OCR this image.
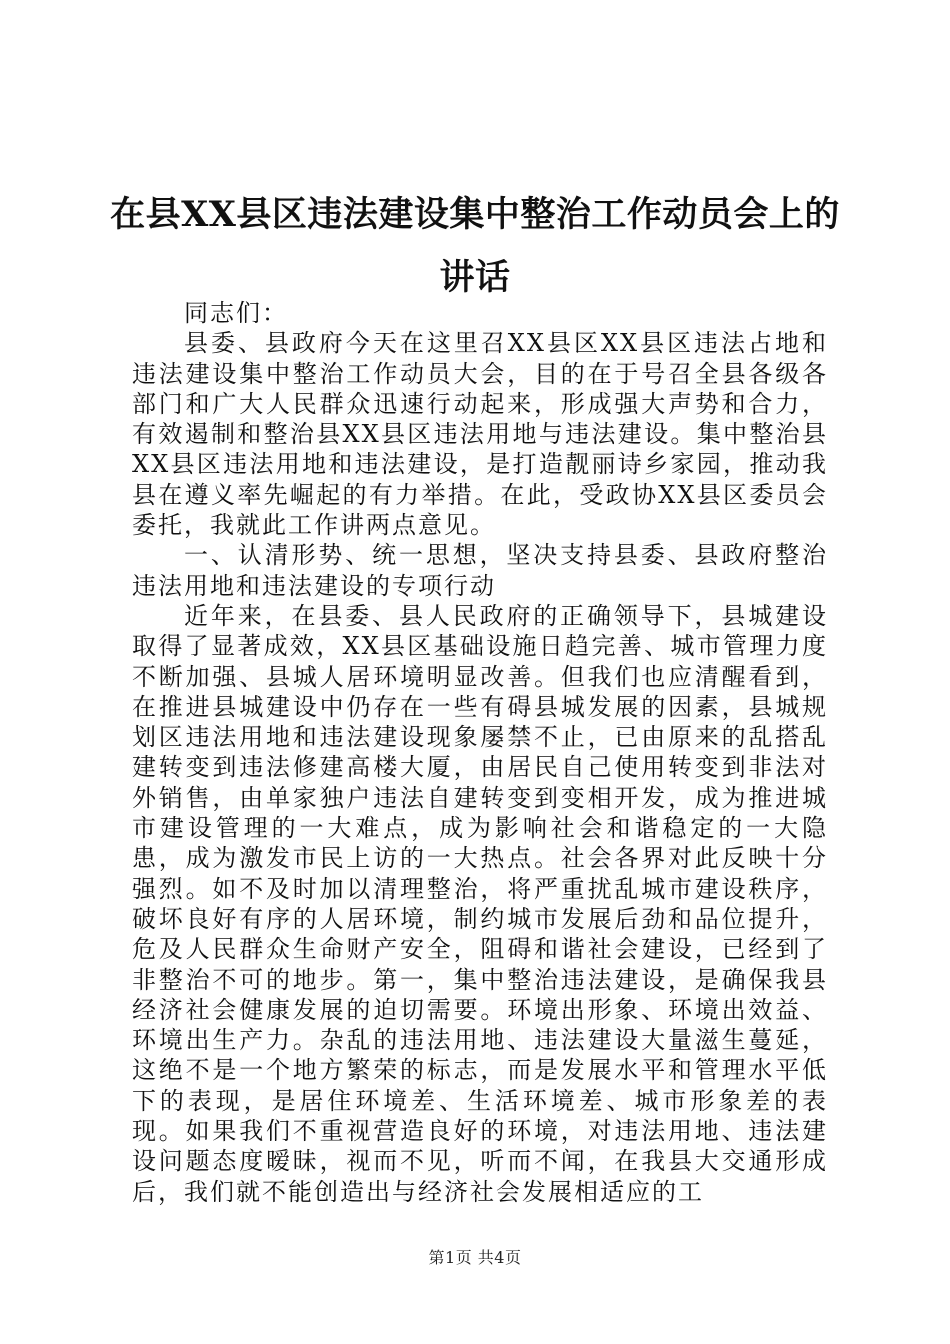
在县XX县区违法建设集中整治工作动员会上的讲话

同志们：

县委、县政府今天在这里召XX县区XX县区违法占地和违法建设集中整治工作动员大会，目的在于号召全县各级各部门和广大人民群众迅速行动起来，形成强大声势和合力，有效遏制和整治县XX县区违法用地与违法建设。集中整治县XX县区违法用地和违法建设，是打造靓丽诗乡家园，推动我县在遵义率先崛起的有力举措。在此，受政协XX县区委员会委托，我就此工作讲两点意见。

一、认清形势、统一思想，坚决支持县委、县政府整治违法用地和违法建设的专项行动

近年来，在县委、县人民政府的正确领导下，县城建设取得了显著成效，XX县区基础设施日趋完善、城市管理力度不断加强、县城人居环境明显改善。但我们也应清醒看到，在推进县城建设中仍存在一些有碍县城发展的因素，县城规划区违法用地和违法建设现象屡禁不止，已由原来的乱搭乱建转变到违法修建高楼大厦，由居民自己使用转变到非法对外销售，由单家独户违法自建转变到变相开发，成为推进城市建设管理的一大难点，成为影响社会和谐稳定的一大隐患，成为激发市民上访的一大热点。社会各界对此反映十分强烈。如不及时加以清理整治，将严重扰乱城市建设秩序，破坏良好有序的人居环境，制约城市发展后劲和品位提升，危及人民群众生命财产安全，阻碍和谐社会建设，已经到了非整治不可的地步。第一，集中整治违法建设，是确保我县经济社会健康发展的迫切需要。环境出形象、环境出效益、环境出生产力。杂乱的违法用地、违法建设大量滋生蔓延，这绝不是一个地方繁荣的标志，而是发展水平和管理水平低下的表现，是居住环境差、生活环境差、城市形象差的表现。如果我们不重视营造良好的环境，对违法用地、违法建设问题态度暧昧，视而不见，听而不闻，在我县大交通形成后，我们就不能创造出与经济社会发展相适应的工

第1页 共4页
